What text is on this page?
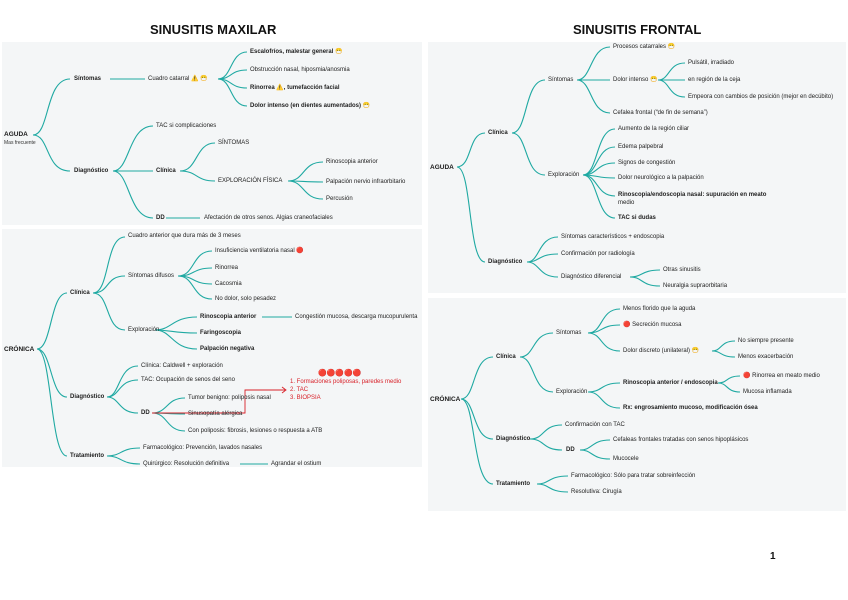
SINUSITIS MAXILAR	SINUSITIS FRONTAL
AGUDA
Mas frecuente
Síntomas	Cuadro catarral ⚠️ 😷
Escalofríos, malestar general 😷
Obstrucción nasal, hiposmia/anosmia
Rinorrea ⚠️, tumefacción facial
Dolor intenso (en dientes aumentados) 😷
Diagnóstico
TAC si complicaciones
Clínica
SÍNTOMAS
EXPLORACIÓN FÍSICA
Rinoscopia anterior
Palpación nervio infraorbitario
Percusión
DD	Afectación de otros senos. Algias craneofaciales
CRÓNICA
Cuadro anterior que dura más de 3 meses
Clínica
Síntomas difusos
Insuficiencia ventilatoria nasal 🔴
Rinorrea
Cacosmia
No dolor, solo pesadez
Exploración
Rinoscopia anterior	Congestión mucosa, descarga mucopurulenta
Faringoscopia
Palpación negativa
Diagnóstico
Clínica: Caldwell + exploración
TAC: Ocupación de senos del seno
DD
Tumor benigno: poliposis nasal
Sinusopatía alérgica
Con poliposis: fibrosis, lesiones o respuesta a ATB
🔴🔴🔴🔴🔴
1. Formaciones poliposas, paredes medio
2. TAC
3. BIOPSIA
Tratamiento
Farmacológico: Prevención, lavados nasales
Quirúrgico: Resolución definitiva	Agrandar el ostium
AGUDA
Clínica
Síntomas
Procesos catarrales 😷
Dolor intenso 😷
Pulsátil, irradiado
en región de la ceja
Empeora con cambios de posición (mejor en decúbito)
Cefalea frontal (“de fin de semana”)
Exploración
Aumento de la región ciliar
Edema palpebral
Signos de congestión
Dolor neurológico a la palpación
Rinoscopia/endoscopia nasal: supuración en meato
medio
TAC si dudas
Diagnóstico
Síntomas característicos + endoscopia
Confirmación por radiología
Diagnóstico diferencial
Otras sinusitis
Neuralgia supraorbitaria
CRÓNICA
Clínica
Síntomas
Menos florido que la aguda
🔴 Secreción mucosa
Dolor discreto (unilateral) 😷
No siempre presente
Menos exacerbación
Exploración
Rinoscopia anterior / endoscopia
🔴 Rinorrea en meato medio
Mucosa inflamada
Rx: engrosamiento mucoso, modificación ósea
Diagnóstico
Confirmación con TAC
DD
Cefaleas frontales tratadas con senos hipoplásicos
Mucocele
Tratamiento
Farmacológico: Sólo para tratar sobreinfección
Resolutiva: Cirugía
1
